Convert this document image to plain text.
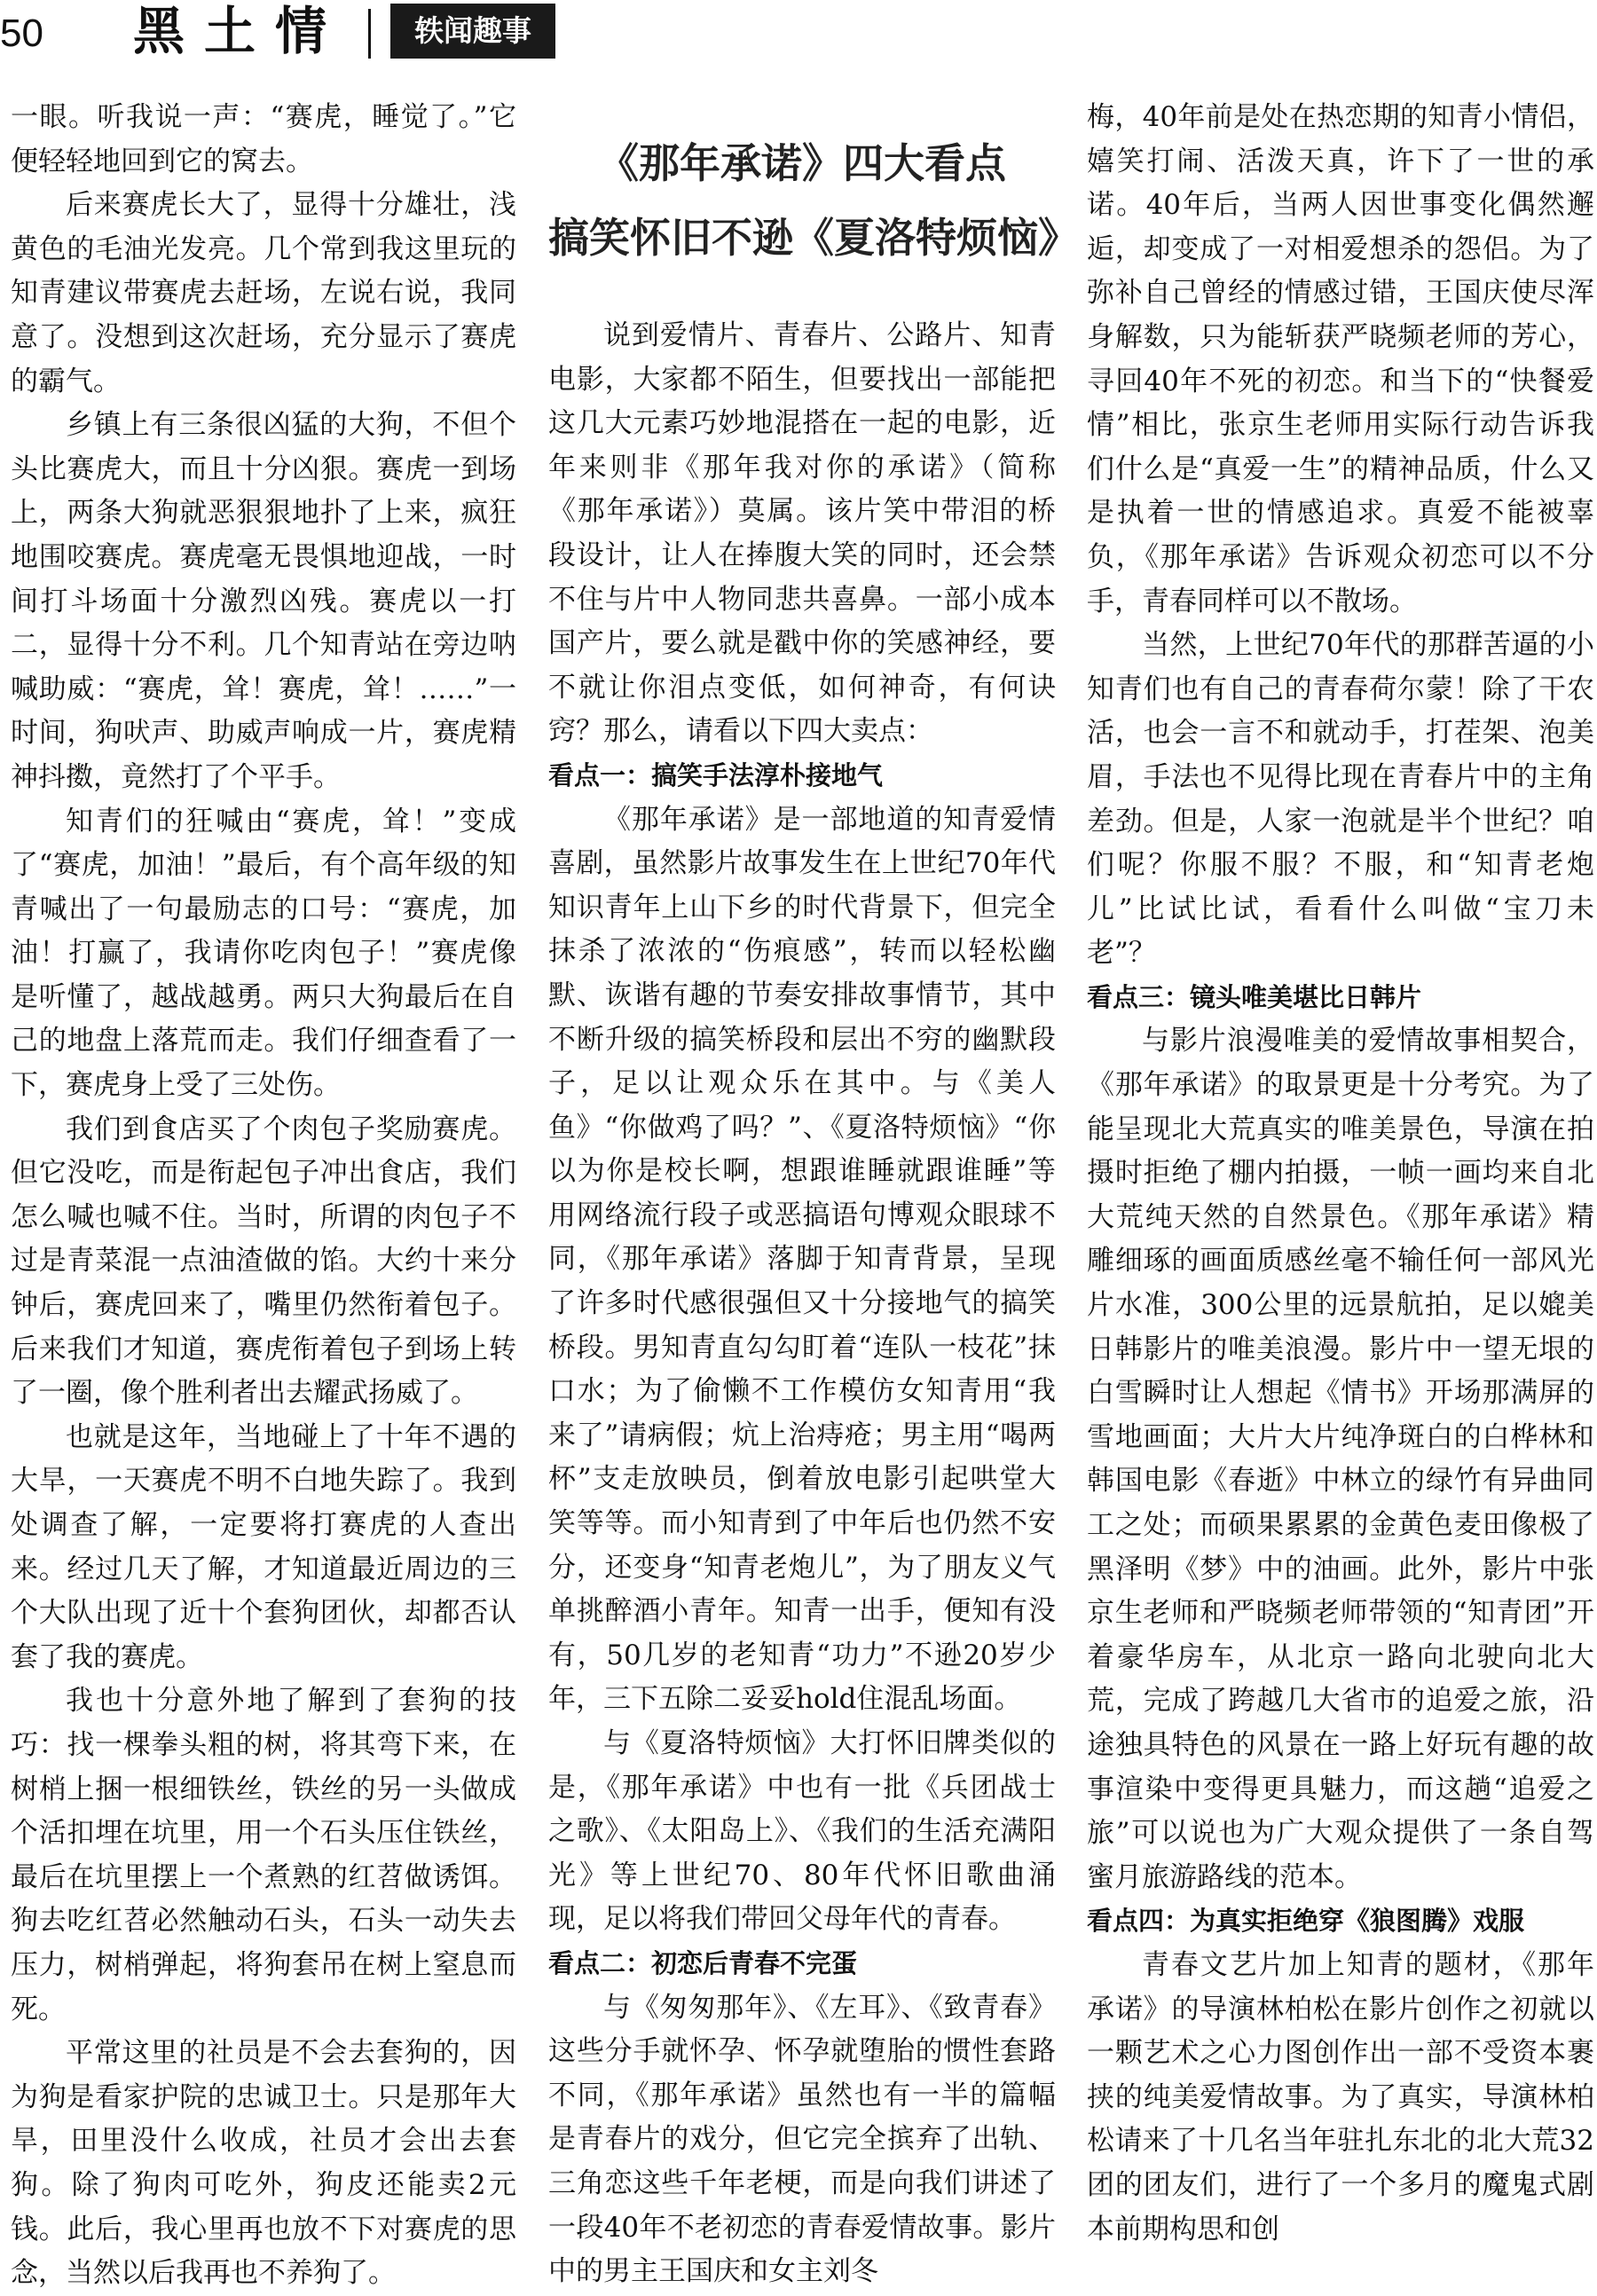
50 黑土情	轶闻趣事

一眼。听我说一声：“赛虎，睡觉了。”它便轻轻地回到它的窝去。

后来赛虎长大了，显得十分雄壮，浅黄色的毛油光发亮。几个常到我这里玩的知青建议带赛虎去赶场，左说右说，我同意了。没想到这次赶场，充分显示了赛虎的霸气。

乡镇上有三条很凶猛的大狗，不但个头比赛虎大，而且十分凶狠。赛虎一到场上，两条大狗就恶狠狠地扑了上来，疯狂地围咬赛虎。赛虎毫无畏惧地迎战，一时间打斗场面十分激烈凶残。赛虎以一打二，显得十分不利。几个知青站在旁边呐喊助威：“赛虎，耸！赛虎，耸！……”一时间，狗吠声、助威声响成一片，赛虎精神抖擞，竟然打了个平手。

知青们的狂喊由“赛虎，耸！”变成了“赛虎，加油！”最后，有个高年级的知青喊出了一句最励志的口号：“赛虎，加油！打赢了，我请你吃肉包子！”赛虎像是听懂了，越战越勇。两只大狗最后在自己的地盘上落荒而走。我们仔细查看了一下，赛虎身上受了三处伤。

我们到食店买了个肉包子奖励赛虎。但它没吃，而是衔起包子冲出食店，我们怎么喊也喊不住。当时，所谓的肉包子不过是青菜混一点油渣做的馅。大约十来分钟后，赛虎回来了，嘴里仍然衔着包子。后来我们才知道，赛虎衔着包子到场上转了一圈，像个胜利者出去耀武扬威了。

也就是这年，当地碰上了十年不遇的大旱，一天赛虎不明不白地失踪了。我到处调查了解，一定要将打赛虎的人查出来。经过几天了解，才知道最近周边的三个大队出现了近十个套狗团伙，却都否认套了我的赛虎。

我也十分意外地了解到了套狗的技巧：找一棵拳头粗的树，将其弯下来，在树梢上捆一根细铁丝，铁丝的另一头做成个活扣埋在坑里，用一个石头压住铁丝，最后在坑里摆上一个煮熟的红苕做诱饵。狗去吃红苕必然触动石头，石头一动失去压力，树梢弹起，将狗套吊在树上窒息而死。

平常这里的社员是不会去套狗的，因为狗是看家护院的忠诚卫士。只是那年大旱，田里没什么收成，社员才会出去套狗。除了狗肉可吃外，狗皮还能卖2元钱。此后，我心里再也放不下对赛虎的思念，当然以后我再也不养狗了。

《那年承诺》四大看点
搞笑怀旧不逊《夏洛特烦恼》

说到爱情片、青春片、公路片、知青电影，大家都不陌生，但要找出一部能把这几大元素巧妙地混搭在一起的电影，近年来则非《那年我对你的承诺》（简称《那年承诺》）莫属。该片笑中带泪的桥段设计，让人在捧腹大笑的同时，还会禁不住与片中人物同悲共喜鼻。一部小成本国产片，要么就是戳中你的笑感神经，要不就让你泪点变低，如何神奇，有何诀窍？那么，请看以下四大卖点：

看点一：搞笑手法淳朴接地气

《那年承诺》是一部地道的知青爱情喜剧，虽然影片故事发生在上世纪70年代知识青年上山下乡的时代背景下，但完全抹杀了浓浓的“伤痕感”，转而以轻松幽默、诙谐有趣的节奏安排故事情节，其中不断升级的搞笑桥段和层出不穷的幽默段子，足以让观众乐在其中。与《美人鱼》“你做鸡了吗？”、《夏洛特烦恼》“你以为你是校长啊，想跟谁睡就跟谁睡”等用网络流行段子或恶搞语句博观众眼球不同，《那年承诺》落脚于知青背景，呈现了许多时代感很强但又十分接地气的搞笑桥段。男知青直勾勾盯着“连队一枝花”抹口水；为了偷懒不工作模仿女知青用“我来了”请病假；炕上治痔疮；男主用“喝两杯”支走放映员，倒着放电影引起哄堂大笑等等。而小知青到了中年后也仍然不安分，还变身“知青老炮儿”，为了朋友义气单挑醉酒小青年。知青一出手，便知有没有，50几岁的老知青“功力”不逊20岁少年，三下五除二妥妥hold住混乱场面。

与《夏洛特烦恼》大打怀旧牌类似的是，《那年承诺》中也有一批《兵团战士之歌》、《太阳岛上》、《我们的生活充满阳光》等上世纪70、80年代怀旧歌曲涌现，足以将我们带回父母年代的青春。

看点二：初恋后青春不完蛋

与《匆匆那年》、《左耳》、《致青春》这些分手就怀孕、怀孕就堕胎的惯性套路不同，《那年承诺》虽然也有一半的篇幅是青春片的戏分，但它完全摈弃了出轨、三角恋这些千年老梗，而是向我们讲述了一段40年不老初恋的青春爱情故事。影片中的男主王国庆和女主刘冬

梅，40年前是处在热恋期的知青小情侣，嬉笑打闹、活泼天真，许下了一世的承诺。40年后，当两人因世事变化偶然邂逅，却变成了一对相爱想杀的怨侣。为了弥补自己曾经的情感过错，王国庆使尽浑身解数，只为能斩获严晓频老师的芳心，寻回40年不死的初恋。和当下的“快餐爱情”相比，张京生老师用实际行动告诉我们什么是“真爱一生”的精神品质，什么又是执着一世的情感追求。真爱不能被辜负，《那年承诺》告诉观众初恋可以不分手，青春同样可以不散场。

当然，上世纪70年代的那群苦逼的小知青们也有自己的青春荷尔蒙！除了干农活，也会一言不和就动手，打茬架、泡美眉，手法也不见得比现在青春片中的主角差劲。但是，人家一泡就是半个世纪？咱们呢？你服不服？不服，和“知青老炮儿”比试比试，看看什么叫做“宝刀未老”？

看点三：镜头唯美堪比日韩片

与影片浪漫唯美的爱情故事相契合，《那年承诺》的取景更是十分考究。为了能呈现北大荒真实的唯美景色，导演在拍摄时拒绝了棚内拍摄，一帧一画均来自北大荒纯天然的自然景色。《那年承诺》精雕细琢的画面质感丝毫不输任何一部风光片水准，300公里的远景航拍，足以媲美日韩影片的唯美浪漫。影片中一望无垠的白雪瞬时让人想起《情书》开场那满屏的雪地画面；大片大片纯净斑白的白桦林和韩国电影《春逝》中林立的绿竹有异曲同工之处；而硕果累累的金黄色麦田像极了黑泽明《梦》中的油画。此外，影片中张京生老师和严晓频老师带领的“知青团”开着豪华房车，从北京一路向北驶向北大荒，完成了跨越几大省市的追爱之旅，沿途独具特色的风景在一路上好玩有趣的故事渲染中变得更具魅力，而这趟“追爱之旅”可以说也为广大观众提供了一条自驾蜜月旅游路线的范本。

看点四：为真实拒绝穿《狼图腾》戏服

青春文艺片加上知青的题材，《那年承诺》的导演林柏松在影片创作之初就以一颗艺术之心力图创作出一部不受资本裹挟的纯美爱情故事。为了真实，导演林柏松请来了十几名当年驻扎东北的北大荒32团的团友们，进行了一个多月的魔鬼式剧本前期构思和创
